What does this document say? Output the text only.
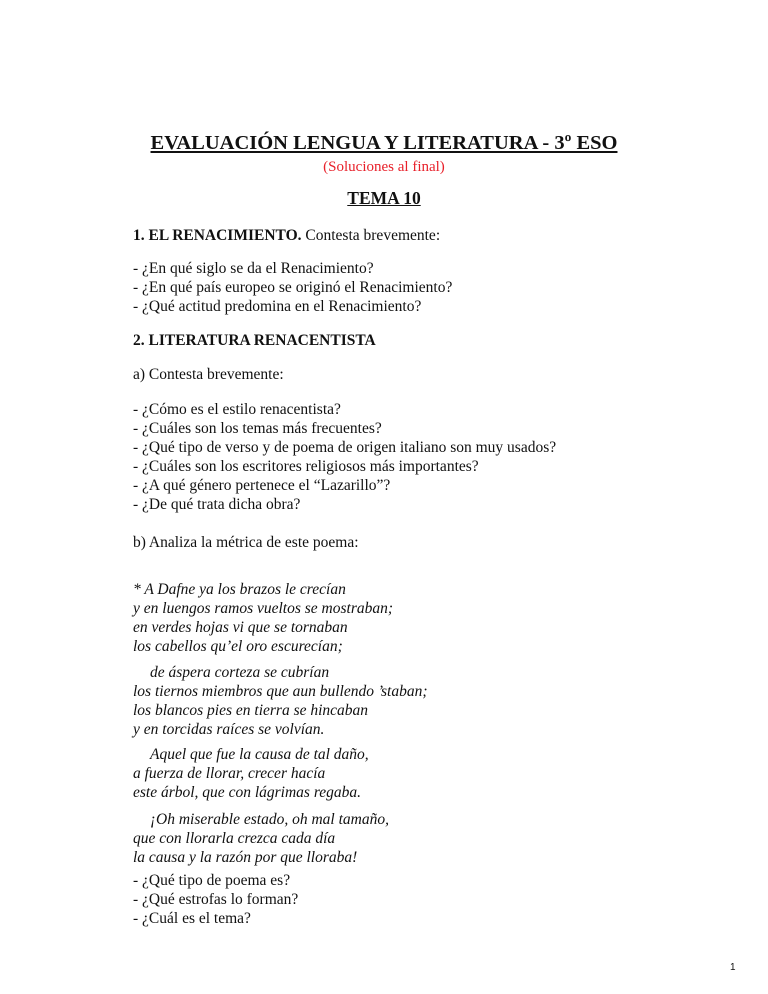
EVALUACIÓN LENGUA Y LITERATURA - 3º ESO
(Soluciones al final)
TEMA 10
1. EL RENACIMIENTO. Contesta brevemente:
- ¿En qué siglo se da el Renacimiento?
- ¿En qué país europeo se originó el Renacimiento?
- ¿Qué actitud predomina en el Renacimiento?
2. LITERATURA RENACENTISTA
a) Contesta brevemente:
- ¿Cómo es el estilo renacentista?
- ¿Cuáles son los temas más frecuentes?
- ¿Qué tipo de verso y de poema de origen italiano son muy usados?
- ¿Cuáles son los escritores religiosos más importantes?
- ¿A qué género pertenece el “Lazarillo”?
- ¿De qué trata dicha obra?
b) Analiza la métrica de este poema:
* A Dafne ya los brazos le crecían
y en luengos ramos vueltos se mostraban;
en verdes hojas vi que se tornaban
los cabellos qu’el oro escurecían;
de áspera corteza se cubrían
los tiernos miembros que aun bullendo ’staban;
los blancos pies en tierra se hincaban
y en torcidas raíces se volvían.
Aquel que fue la causa de tal daño,
a fuerza de llorar, crecer hacía
este árbol, que con lágrimas regaba.
¡Oh miserable estado, oh mal tamaño,
que con llorarla crezca cada día
la causa y la razón por que lloraba!
- ¿Qué tipo de poema es?
- ¿Qué estrofas lo forman?
- ¿Cuál es el tema?
1
